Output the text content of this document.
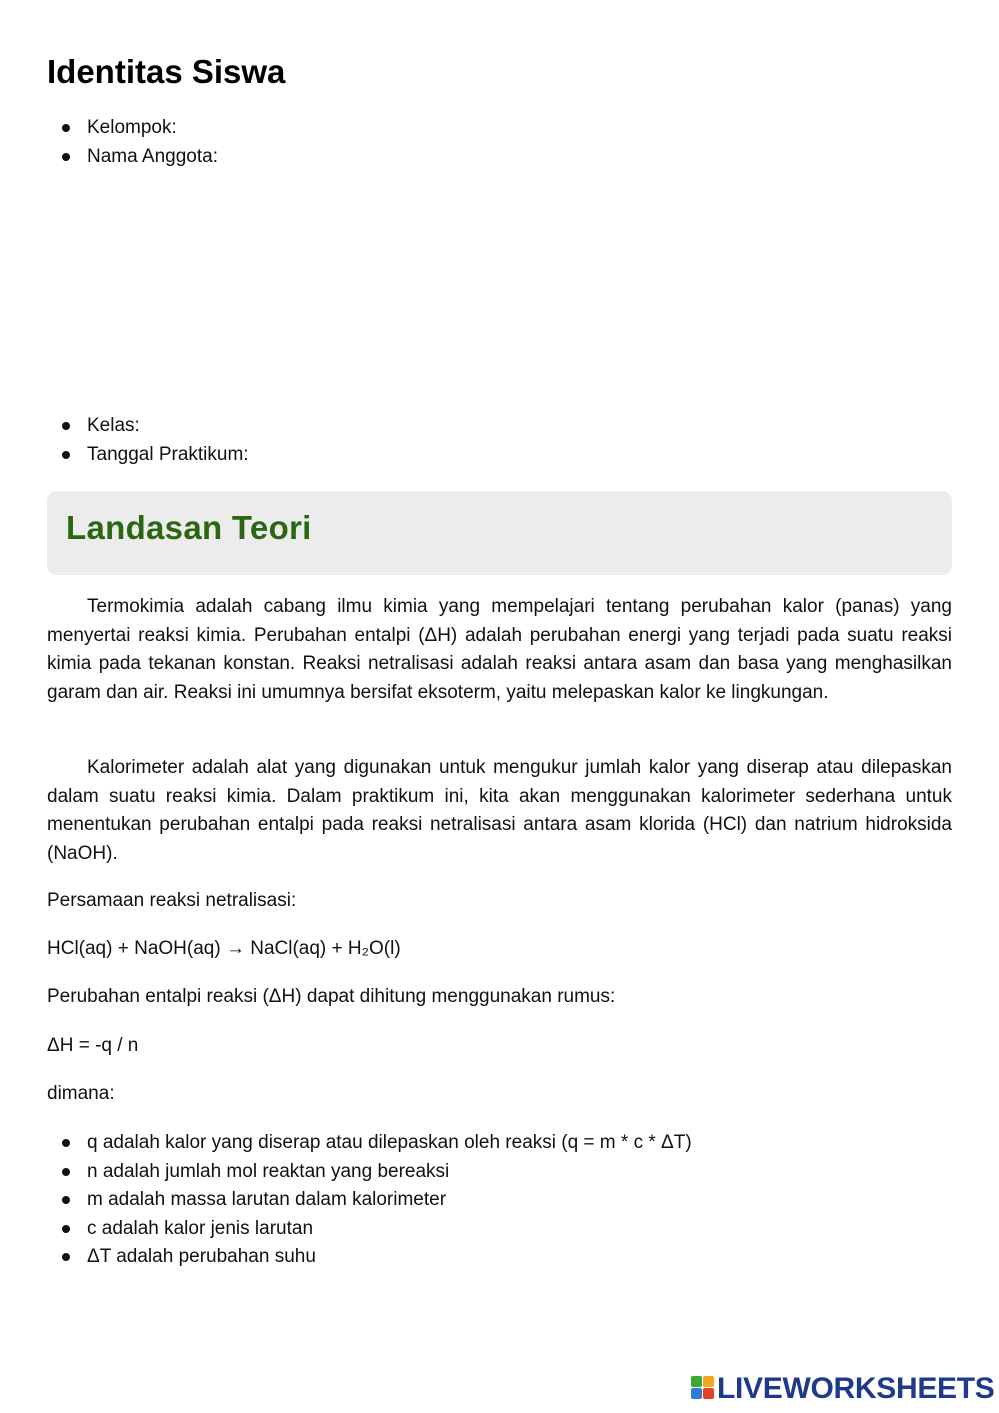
Identitas Siswa
Kelompok:
Nama Anggota:
Kelas:
Tanggal Praktikum:
Landasan Teori

Termokimia adalah cabang ilmu kimia yang mempelajari tentang perubahan kalor (panas) yang menyertai reaksi kimia. Perubahan entalpi (ΔH) adalah perubahan energi yang terjadi pada suatu reaksi kimia pada tekanan konstan. Reaksi netralisasi adalah reaksi antara asam dan basa yang menghasilkan garam dan air. Reaksi ini umumnya bersifat eksoterm, yaitu melepaskan kalor ke lingkungan.

Kalorimeter adalah alat yang digunakan untuk mengukur jumlah kalor yang diserap atau dilepaskan dalam suatu reaksi kimia. Dalam praktikum ini, kita akan menggunakan kalorimeter sederhana untuk menentukan perubahan entalpi pada reaksi netralisasi antara asam klorida (HCl) dan natrium hidroksida (NaOH).

Persamaan reaksi netralisasi:

HCl(aq) + NaOH(aq) → NaCl(aq) + H₂O(l)

Perubahan entalpi reaksi (ΔH) dapat dihitung menggunakan rumus:

ΔH = -q / n

dimana:

q adalah kalor yang diserap atau dilepaskan oleh reaksi (q = m * c * ΔT)
n adalah jumlah mol reaktan yang bereaksi
m adalah massa larutan dalam kalorimeter
c adalah kalor jenis larutan
ΔT adalah perubahan suhu
LIVEWORKSHEETS
